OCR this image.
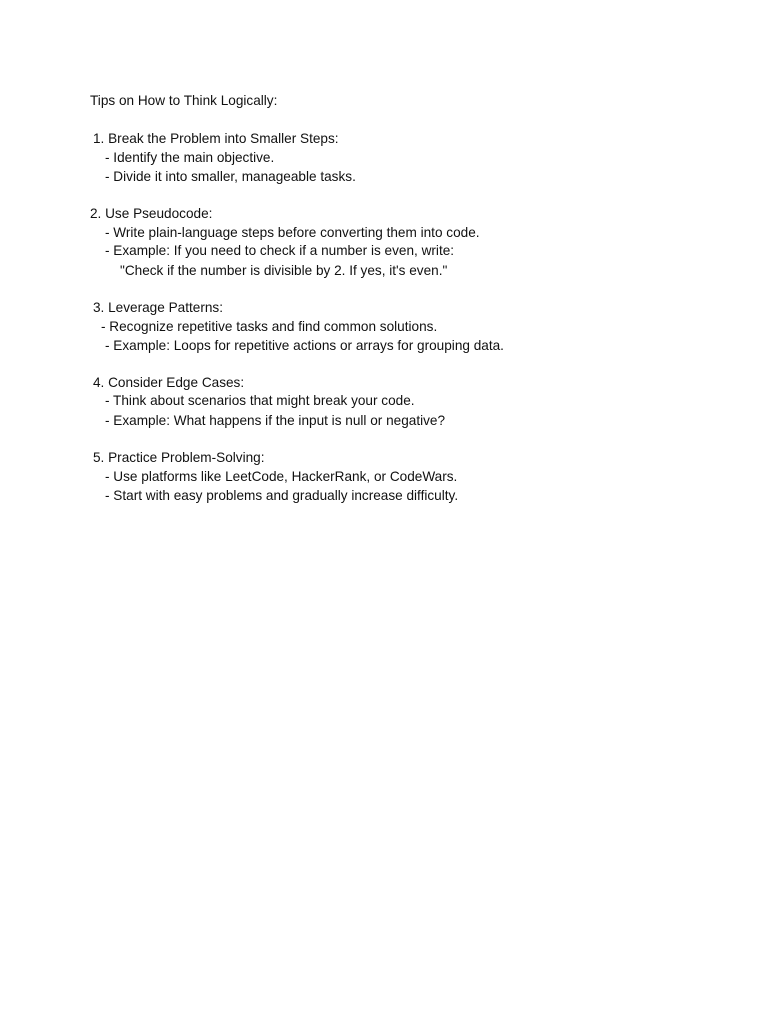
Tips on How to Think Logically:
1. Break the Problem into Smaller Steps:
- Identify the main objective.
- Divide it into smaller, manageable tasks.
2. Use Pseudocode:
- Write plain-language steps before converting them into code.
- Example: If you need to check if a number is even, write:
"Check if the number is divisible by 2. If yes, it's even."
3. Leverage Patterns:
- Recognize repetitive tasks and find common solutions.
- Example: Loops for repetitive actions or arrays for grouping data.
4. Consider Edge Cases:
- Think about scenarios that might break your code.
- Example: What happens if the input is null or negative?
5. Practice Problem-Solving:
- Use platforms like LeetCode, HackerRank, or CodeWars.
- Start with easy problems and gradually increase difficulty.
